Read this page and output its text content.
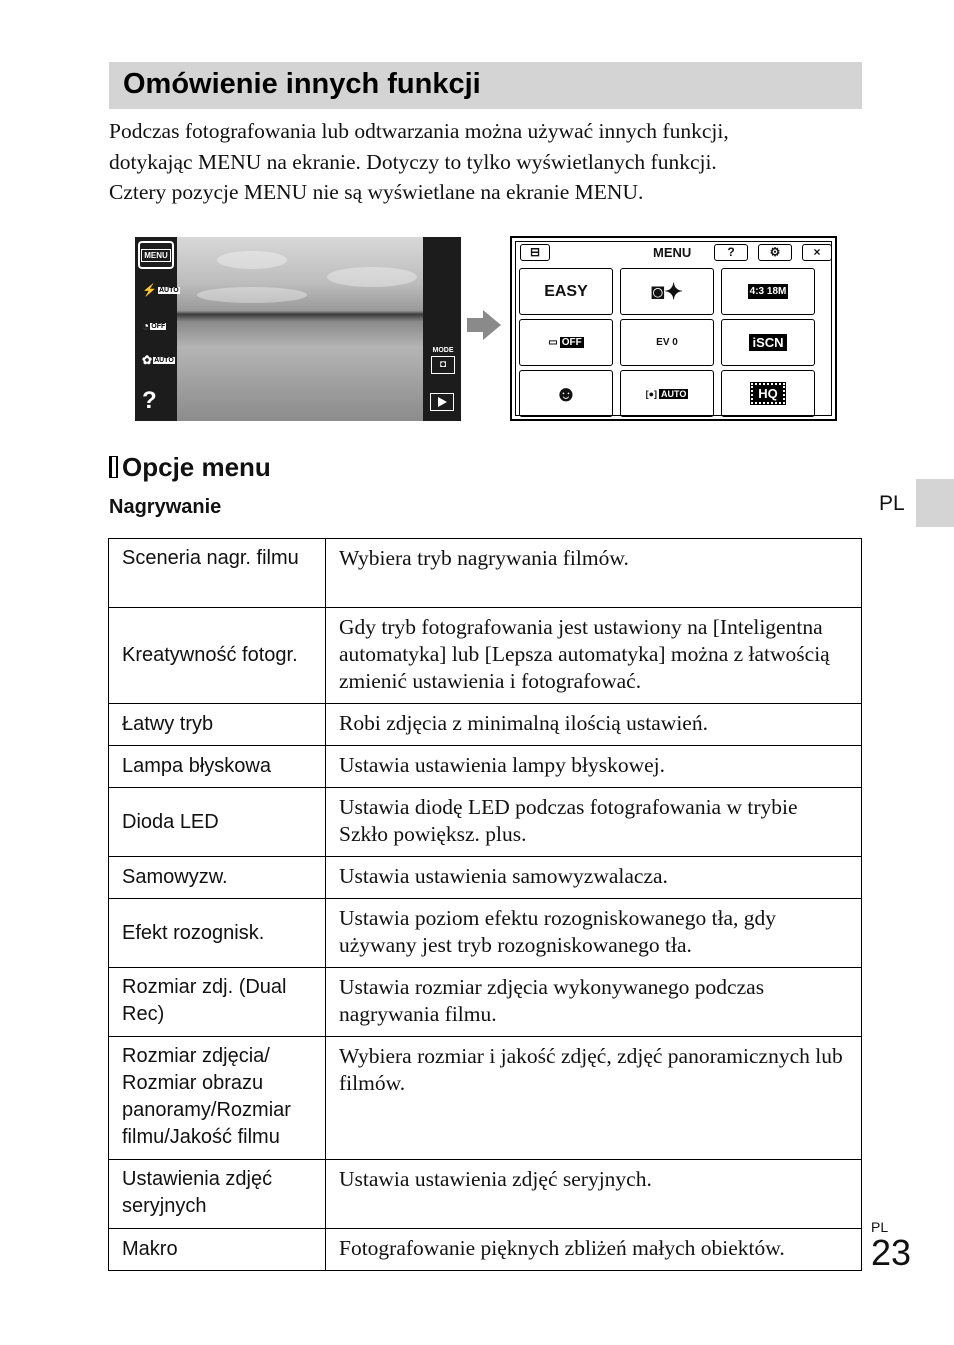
Omówienie innych funkcji
Podczas fotografowania lub odtwarzania można używać innych funkcji,
dotykając MENU na ekranie. Dotyczy to tylko wyświetlanych funkcji.
Cztery pozycje MENU nie są wyświetlane na ekranie MENU.
MENU
⚡ AUTO
◔ OFF
✿ AUTO
?
MODE
◘
⊟	MENU	?	⚙	×
EASY	◙✦	4:3 18M
▭ OFF	EV 0	iSCN
☻	[●] AUTO	HQ
Opcje menu
Nagrywanie	PL
Sceneria nagr. filmu	Wybiera tryb nagrywania filmów.
Kreatywność fotogr.	Gdy tryb fotografowania jest ustawiony na [Inteligentna automatyka] lub [Lepsza automatyka] można z łatwością zmienić ustawienia i fotografować.
Łatwy tryb	Robi zdjęcia z minimalną ilością ustawień.
Lampa błyskowa	Ustawia ustawienia lampy błyskowej.
Dioda LED	Ustawia diodę LED podczas fotografowania w trybie Szkło powiększ. plus.
Samowyzw.	Ustawia ustawienia samowyzwalacza.
Efekt rozognisk.	Ustawia poziom efektu rozogniskowanego tła, gdy używany jest tryb rozogniskowanego tła.
Rozmiar zdj. (Dual Rec)	Ustawia rozmiar zdjęcia wykonywanego podczas nagrywania filmu.
Rozmiar zdjęcia/ Rozmiar obrazu panoramy/Rozmiar filmu/Jakość filmu	Wybiera rozmiar i jakość zdjęć, zdjęć panoramicznych lub filmów.
Ustawienia zdjęć seryjnych	Ustawia ustawienia zdjęć seryjnych.
Makro	Fotografowanie pięknych zbliżeń małych obiektów.
PL
23
